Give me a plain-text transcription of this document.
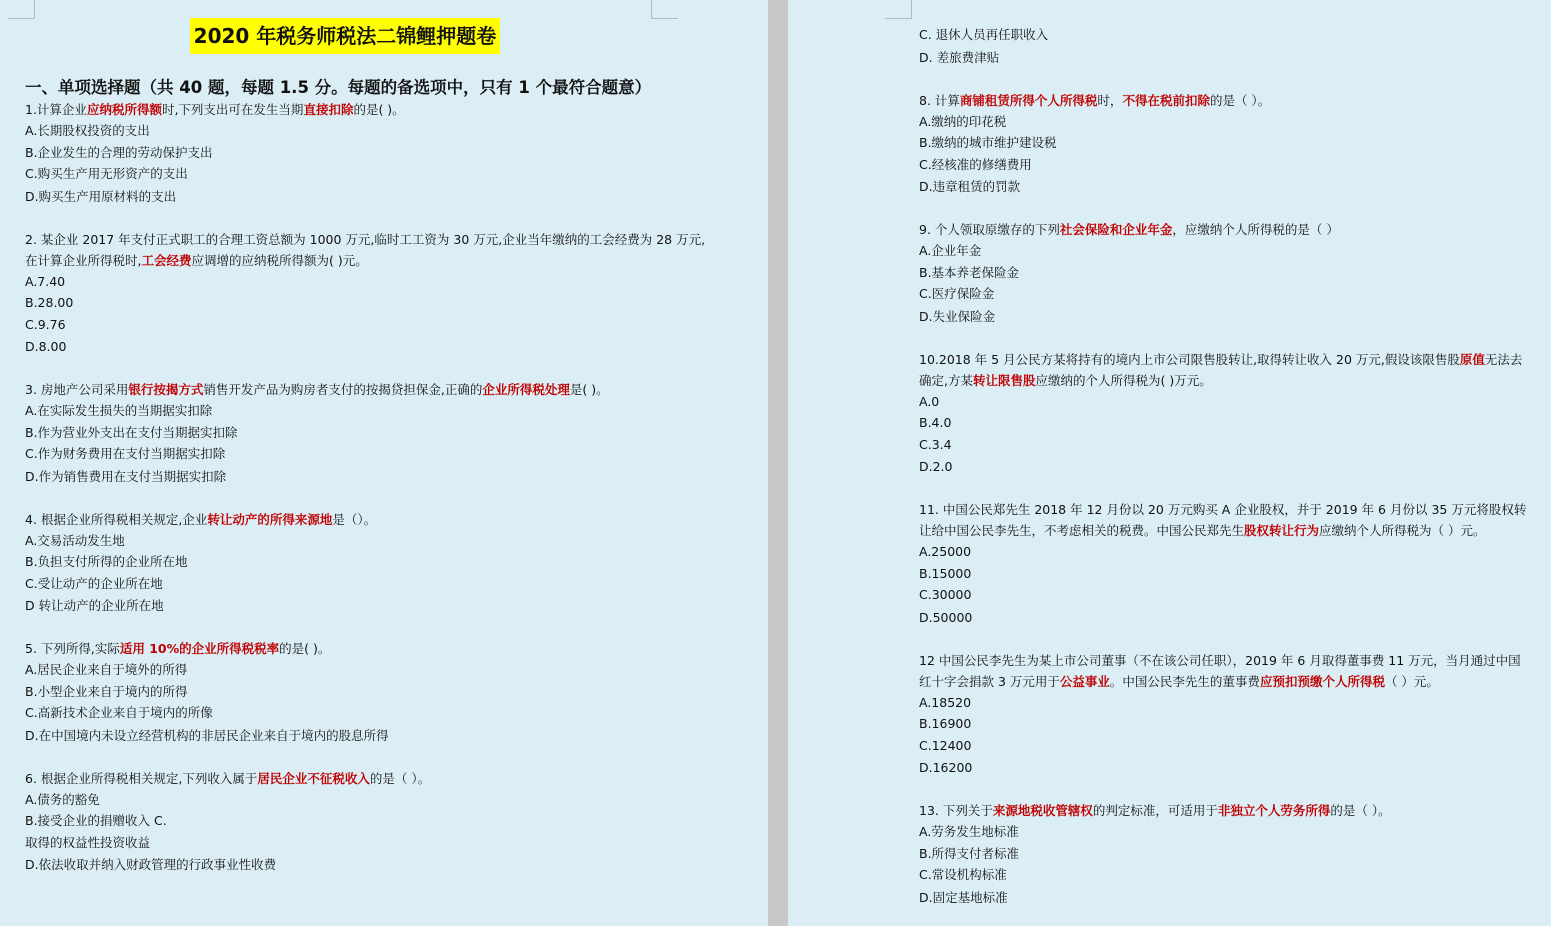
2020 年税务师税法二锦鲤押题卷
一、单项选择题（共 40 题，每题 1.5 分。每题的备选项中，只有 1 个最符合题意）
1.计算企业应纳税所得额时,下列支出可在发生当期直接扣除的是( )。
A.长期股权投资的支出
B.企业发生的合理的劳动保护支出
C.购买生产用无形资产的支出
D.购买生产用原材料的支出
2. 某企业 2017 年支付正式职工的合理工资总额为 1000 万元,临时工工资为 30 万元,企业当年缴纳的工会经费为 28 万元,在计算企业所得税时,工会经费应调增的应纳税所得额为( )元。
A.7.40
B.28.00
C.9.76
D.8.00
3. 房地产公司采用银行按揭方式销售开发产品为购房者支付的按揭贷担保金,正确的企业所得税处理是( )。
A.在实际发生损失的当期据实扣除
B.作为营业外支出在支付当期据实扣除
C.作为财务费用在支付当期据实扣除
D.作为销售费用在支付当期据实扣除
4. 根据企业所得税相关规定,企业转让动产的所得来源地是（）。
A.交易活动发生地
B.负担支付所得的企业所在地
C.受让动产的企业所在地
D 转让动产的企业所在地
5. 下列所得,实际适用 10%的企业所得税税率的是( )。
A.居民企业来自于境外的所得
B.小型企业来自于境内的所得
C.高新技术企业来自于境内的所像
D.在中国境内未设立经营机构的非居民企业来自于境内的股息所得
6. 根据企业所得税相关规定,下列收入属于居民企业不征税收入的是（ ）。
A.债务的豁免
B.接受企业的捐赠收入 C.
取得的权益性投资收益
D.依法收取并纳入财政管理的行政事业性收费
C. 退休人员再任职收入
D. 差旅费津贴
8. 计算商铺租赁所得个人所得税时，不得在税前扣除的是（ ）。
A.缴纳的印花税
B.缴纳的城市维护建设税
C.经核准的修缮费用
D.违章租赁的罚款
9. 个人领取原缴存的下列社会保险和企业年金，应缴纳个人所得税的是（ ）
A.企业年金
B.基本养老保险金
C.医疗保险金
D.失业保险金
10.2018 年 5 月公民方某将持有的境内上市公司限售股转让,取得转让收入 20 万元,假设该限售股原值无法去确定,方某转让限售股应缴纳的个人所得税为( )万元。
A.0
B.4.0
C.3.4
D.2.0
11. 中国公民郑先生 2018 年 12 月份以 20 万元购买 A 企业股权，并于 2019 年 6 月份以 35 万元将股权转让给中国公民李先生，不考虑相关的税费。中国公民郑先生股权转让行为应缴纳个人所得税为（ ）元。
A.25000
B.15000
C.30000
D.50000
12 中国公民李先生为某上市公司董事（不在该公司任职），2019 年 6 月取得董事费 11 万元，当月通过中国红十字会捐款 3 万元用于公益事业。中国公民李先生的董事费应预扣预缴个人所得税（ ）元。
A.18520
B.16900
C.12400
D.16200
13. 下列关于来源地税收管辖权的判定标准，可适用于非独立个人劳务所得的是（ ）。
A.劳务发生地标准
B.所得支付者标准
C.常设机构标准
D.固定基地标准
